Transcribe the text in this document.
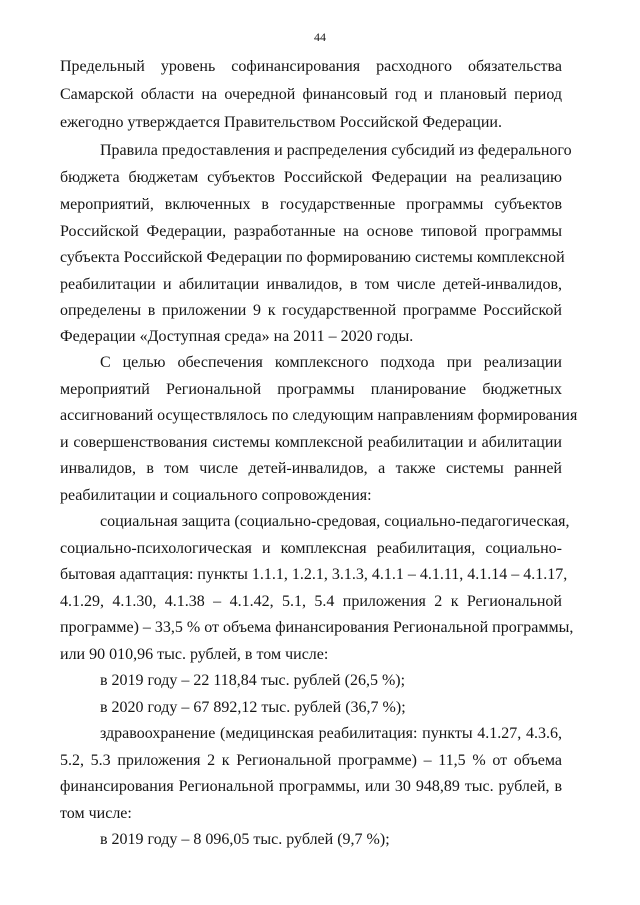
44
Предельный уровень софинансирования расходного обязательства
Самарской области на очередной финансовый год и плановый период
ежегодно утверждается Правительством Российской Федерации.
Правила предоставления и распределения субсидий из федерального
бюджета бюджетам субъектов Российской Федерации на реализацию
мероприятий, включенных в государственные программы субъектов
Российской Федерации, разработанные на основе типовой программы
субъекта Российской Федерации по формированию системы комплексной
реабилитации и абилитации инвалидов, в том числе детей-инвалидов,
определены в приложении 9 к государственной программе Российской
Федерации «Доступная среда» на 2011 – 2020 годы.
С целью обеспечения комплексного подхода при реализации
мероприятий Региональной программы планирование бюджетных
ассигнований осуществлялось по следующим направлениям формирования
и совершенствования системы комплексной реабилитации и абилитации
инвалидов, в том числе детей-инвалидов, а также системы ранней
реабилитации и социального сопровождения:
социальная защита (социально-средовая, социально-педагогическая,
социально-психологическая и комплексная реабилитация, социально-
бытовая адаптация: пункты 1.1.1, 1.2.1, 3.1.3, 4.1.1 – 4.1.11, 4.1.14 – 4.1.17,
4.1.29, 4.1.30, 4.1.38 – 4.1.42, 5.1, 5.4 приложения 2 к Региональной
программе) – 33,5 % от объема финансирования Региональной программы,
или 90 010,96 тыс. рублей, в том числе:
в 2019 году – 22 118,84 тыс. рублей (26,5 %);
в 2020 году – 67 892,12 тыс. рублей (36,7 %);
здравоохранение (медицинская реабилитация: пункты 4.1.27, 4.3.6,
5.2, 5.3 приложения 2 к Региональной программе) – 11,5 % от объема
финансирования Региональной программы, или 30 948,89 тыс. рублей, в
том числе:
в 2019 году – 8 096,05 тыс. рублей (9,7 %);
